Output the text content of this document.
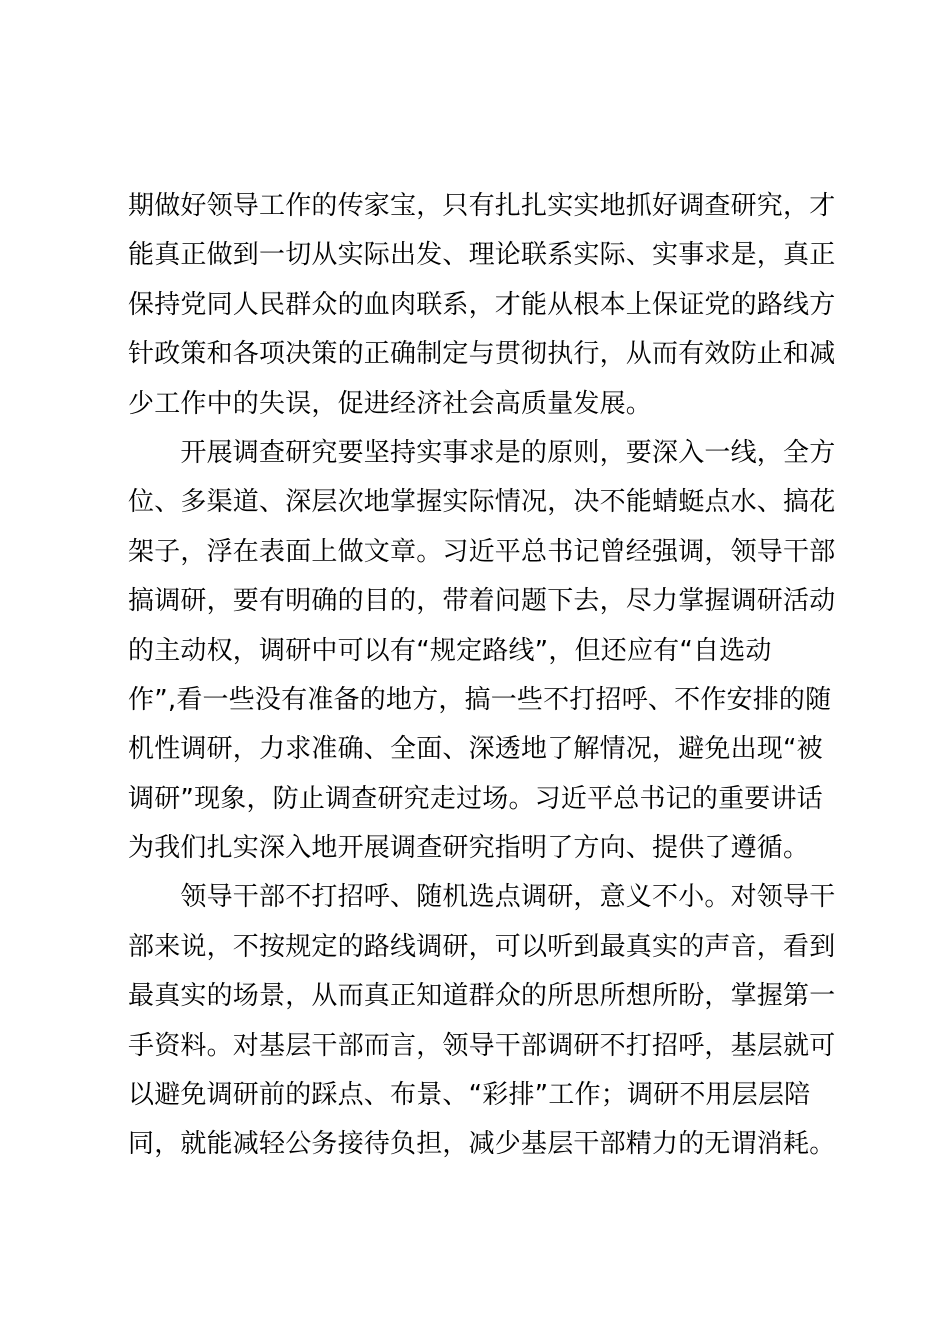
期做好领导工作的传家宝，只有扎扎实实地抓好调查研究，才
能真正做到一切从实际出发、理论联系实际、实事求是，真正
保持党同人民群众的血肉联系，才能从根本上保证党的路线方
针政策和各项决策的正确制定与贯彻执行，从而有效防止和减
少工作中的失误，促进经济社会高质量发展。
　　开展调查研究要坚持实事求是的原则，要深入一线，全方
位、多渠道、深层次地掌握实际情况，决不能蜻蜓点水、搞花
架子，浮在表面上做文章。习近平总书记曾经强调，领导干部
搞调研，要有明确的目的，带着问题下去，尽力掌握调研活动
的主动权，调研中可以有“规定路线”，但还应有“自选动
作”,看一些没有准备的地方，搞一些不打招呼、不作安排的随
机性调研，力求准确、全面、深透地了解情况，避免出现“被
调研”现象，防止调查研究走过场。习近平总书记的重要讲话
为我们扎实深入地开展调查研究指明了方向、提供了遵循。
　　领导干部不打招呼、随机选点调研，意义不小。对领导干
部来说，不按规定的路线调研，可以听到最真实的声音，看到
最真实的场景，从而真正知道群众的所思所想所盼，掌握第一
手资料。对基层干部而言，领导干部调研不打招呼，基层就可
以避免调研前的踩点、布景、“彩排”工作；调研不用层层陪
同，就能减轻公务接待负担，减少基层干部精力的无谓消耗。
